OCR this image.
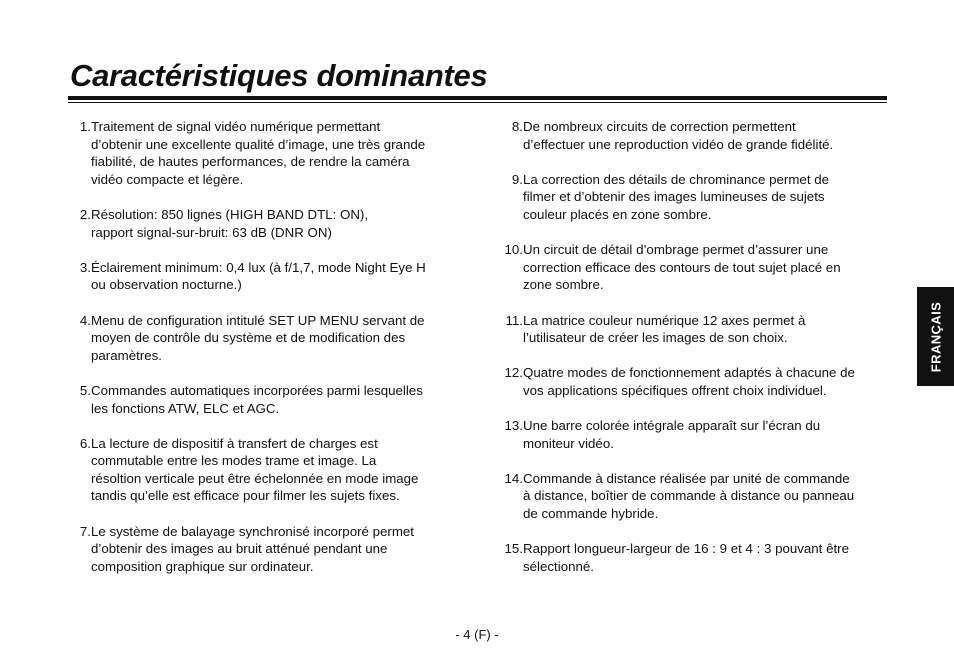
Caractéristiques dominantes
1. Traitement de signal vidéo numérique permettant
d’obtenir une excellente qualité d’image, une très grande
fiabilité, de hautes performances, de rendre la caméra
vidéo compacte et légère.
2. Résolution: 850 lignes (HIGH BAND DTL: ON),
rapport signal-sur-bruit: 63 dB (DNR ON)
3. Éclairement minimum: 0,4 lux (à f/1,7, mode Night Eye H
ou observation nocturne.)
4. Menu de configuration intitulé SET UP MENU servant de
moyen de contrôle du système et de modification des
paramètres.
5. Commandes automatiques incorporées parmi lesquelles
les fonctions ATW, ELC et AGC.
6. La lecture de dispositif à transfert de charges est
commutable entre les modes trame et image. La
résoltion verticale peut être échelonnée en mode image
tandis qu’elle est efficace pour filmer les sujets fixes.
7. Le système de balayage synchronisé incorporé permet
d’obtenir des images au bruit atténué pendant une
composition graphique sur ordinateur.
8. De nombreux circuits de correction permettent
d’effectuer une reproduction vidéo de grande fidélité.
9. La correction des détails de chrominance permet de
filmer et d’obtenir des images lumineuses de sujets
couleur placés en zone sombre.
10. Un circuit de détail d’ombrage permet d’assurer une
correction efficace des contours de tout sujet placé en
zone sombre.
11. La matrice couleur numérique 12 axes permet à
l’utilisateur de créer les images de son choix.
12. Quatre modes de fonctionnement adaptés à chacune de
vos applications spécifiques offrent choix individuel.
13. Une barre colorée intégrale apparaît sur l’écran du
moniteur vidéo.
14. Commande à distance réalisée par unité de commande
à distance, boîtier de commande à distance ou panneau
de commande hybride.
15. Rapport longueur-largeur de 16 : 9 et 4 : 3 pouvant être
sélectionné.
FRANÇAIS
- 4 (F) -
